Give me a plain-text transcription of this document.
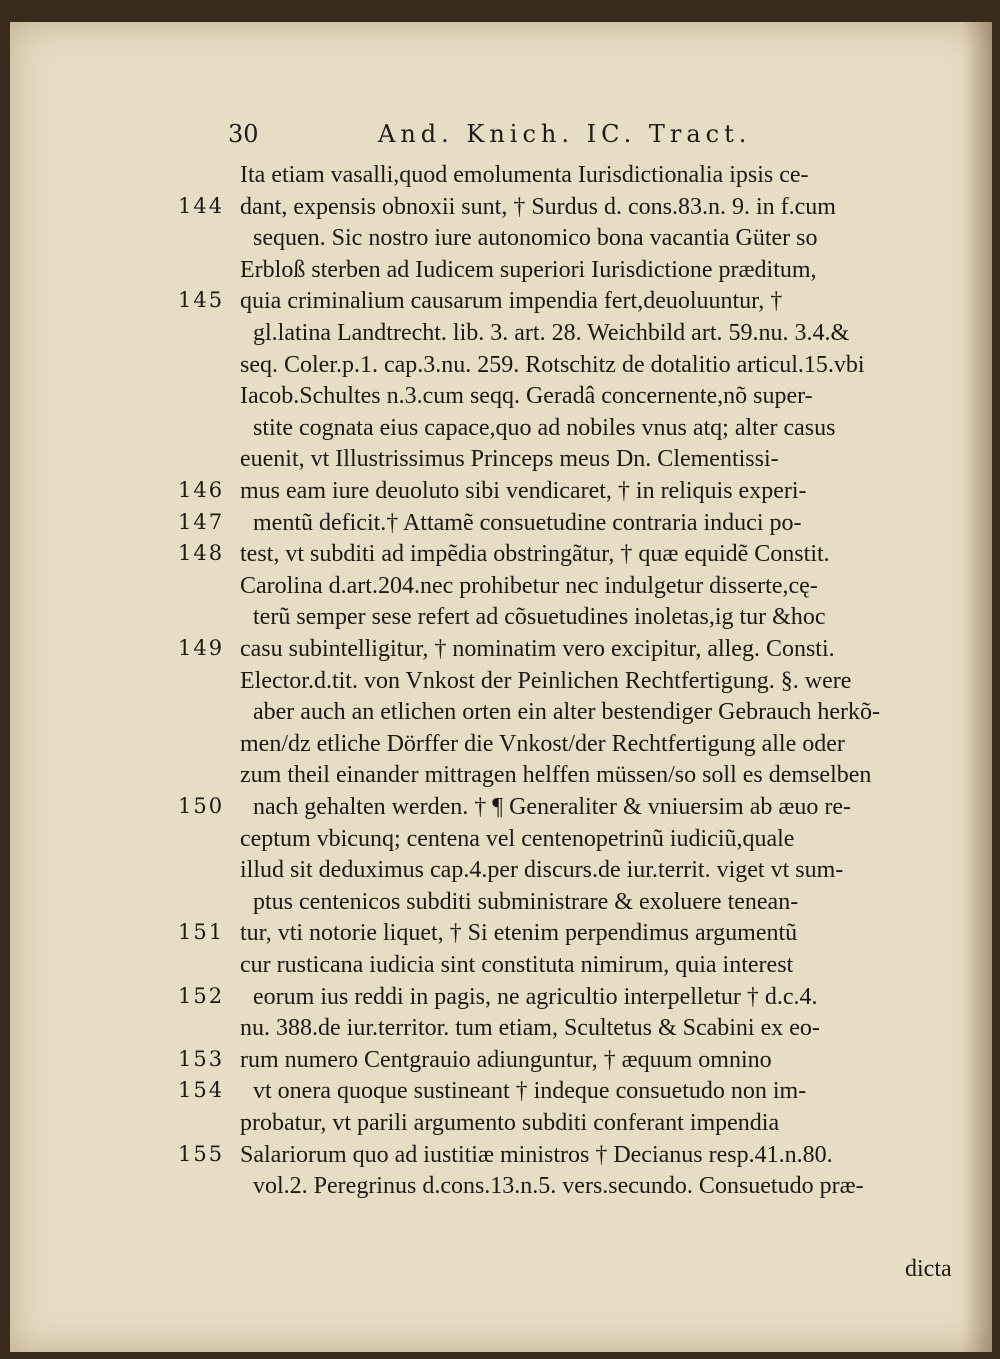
30	And. Knich. IC. Tract.
Ita etiam vasalli,quod emolumenta Iurisdictionalia ipsis ce-
144 dant, expensis obnoxii sunt, † Surdus d. cons.83.n. 9. in f.cum
sequen. Sic nostro iure autonomico bona vacantia Güter so
Erbloß sterben ad Iudicem superiori Iurisdictione præditum,
145 quia criminalium causarum impendia fert,deuoluuntur, †
gl.latina Landtrecht. lib. 3. art. 28. Weichbild art. 59.nu. 3.4.&
seq. Coler.p.1. cap.3.nu. 259. Rotschitz de dotalitio articul.15.vbi
Iacob.Schultes n.3.cum seqq. Geradâ concernente,nõ super-
stite cognata eius capace,quo ad nobiles vnus atq; alter casus
euenit, vt Illustrissimus Princeps meus Dn. Clementissi-
146 mus eam iure deuoluto sibi vendicaret, † in reliquis experi-
147	mentũ deficit.† Attamẽ consuetudine contraria induci po-
148 test, vt subditi ad impẽdia obstringãtur, † quæ equidẽ Constit.
Carolina d.art.204.nec prohibetur nec indulgetur disserte,cę-
terũ semper sese refert ad cõsuetudines inoletas,ig tur &hoc
149 casu subintelligitur, † nominatim vero excipitur, alleg. Consti.
Elector.d.tit. von Vnkost der Peinlichen Rechtfertigung. §. were
aber auch an etlichen orten ein alter bestendiger Gebrauch herkõ-
men/dz etliche Dörffer die Vnkost/der Rechtfertigung alle oder
zum theil einander mittragen helffen müssen/so soll es demselben
150	nach gehalten werden. † ¶ Generaliter & vniuersim ab æuo re-
ceptum vbicunq; centena vel centenopetrinũ iudiciũ,quale
illud sit deduximus cap.4.per discurs.de iur.territ. viget vt sum-
ptus centenicos subditi subministrare & exoluere tenean-
151 tur, vti notorie liquet, † Si etenim perpendimus argumentũ
cur rusticana iudicia sint constituta nimirum, quia interest
152	eorum ius reddi in pagis, ne agricultio interpelletur † d.c.4.
nu. 388.de iur.territor. tum etiam, Scultetus & Scabini ex eo-
153 rum numero Centgrauio adiunguntur, † æquum omnino
154	vt onera quoque sustineant † indeque consuetudo non im-
probatur, vt parili argumento subditi conferant impendia
155 Salariorum quo ad iustitiæ ministros † Decianus resp.41.n.80.
vol.2. Peregrinus d.cons.13.n.5. vers.secundo. Consuetudo præ-
dicta
